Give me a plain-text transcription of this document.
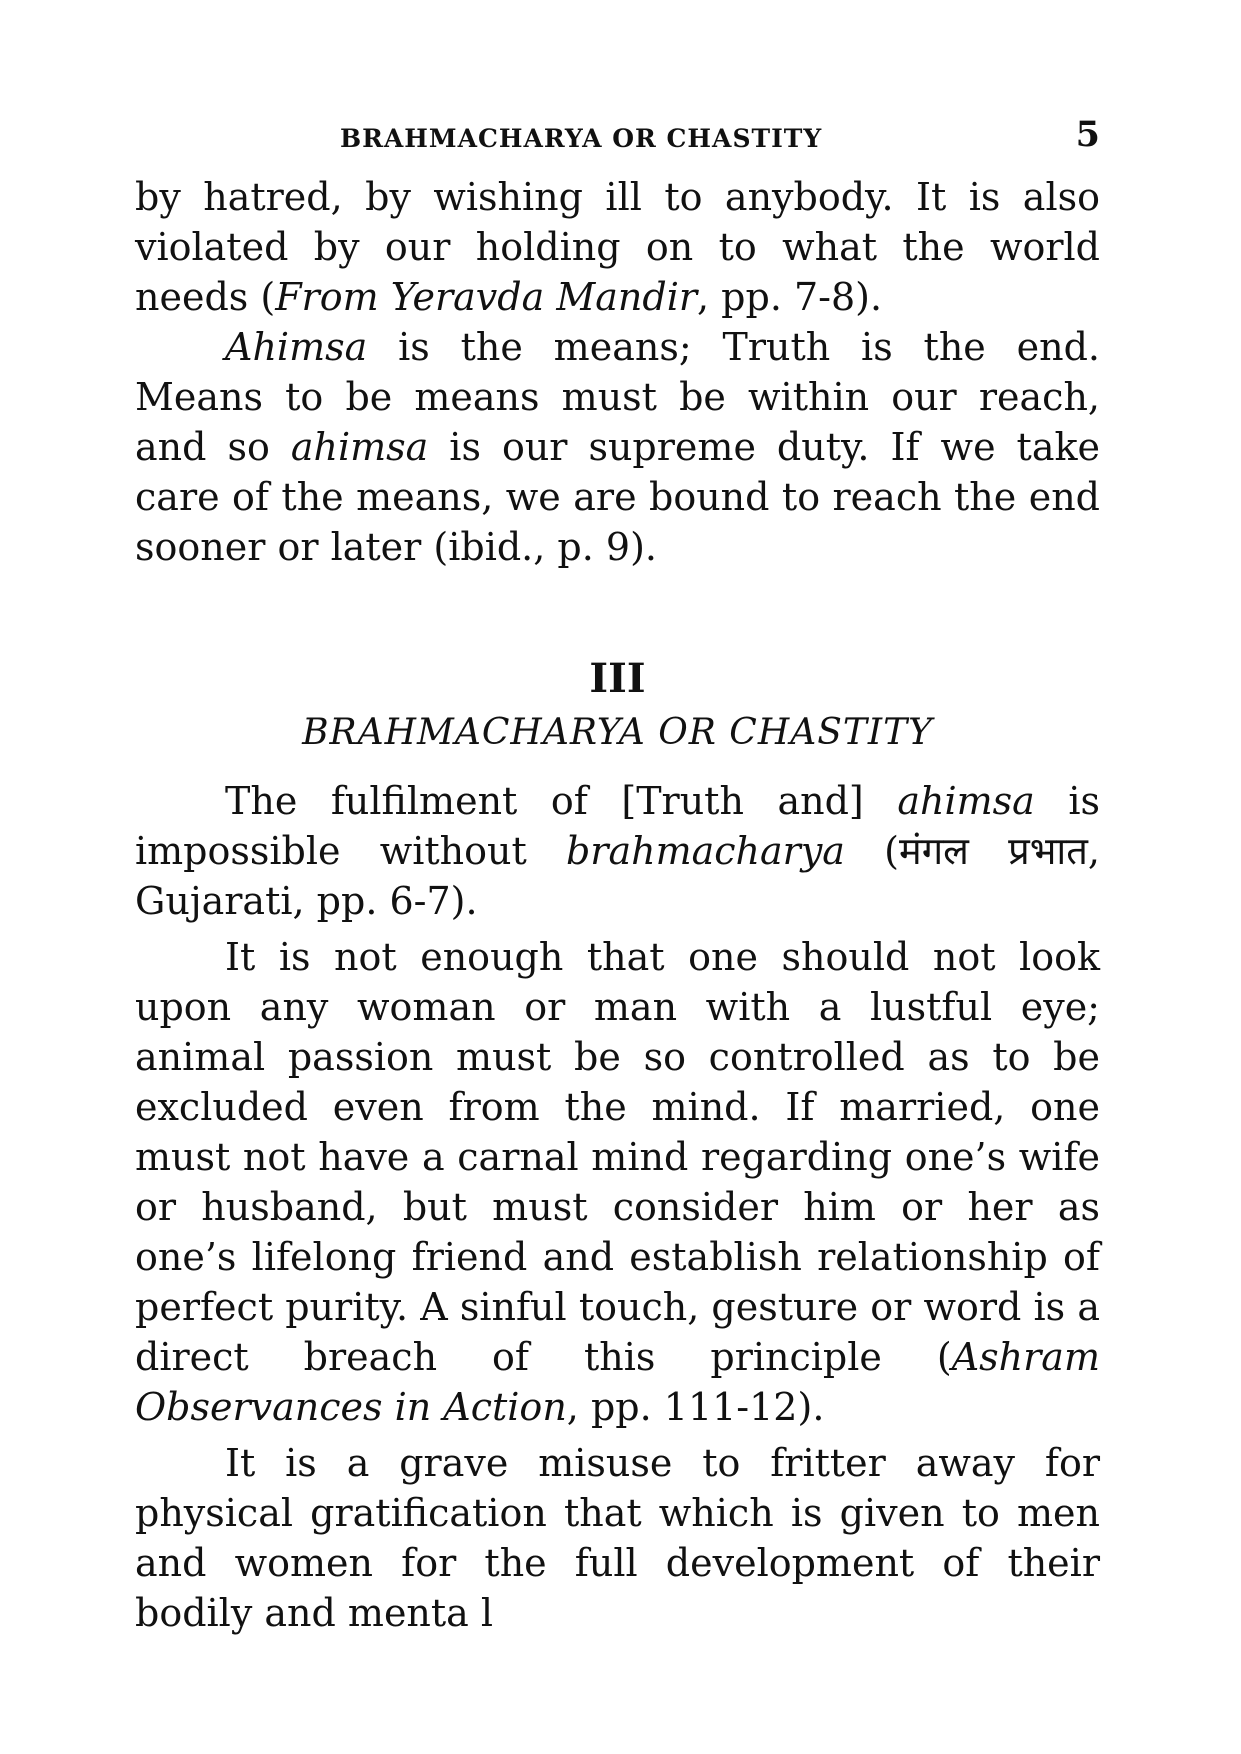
BRAHMACHARYA OR CHASTITY	5

by hatred, by wishing ill to anybody. It is also violated by our holding on to what the world needs (From Yeravda Mandir, pp. 7-8).

Ahimsa is the means; Truth is the end. Means to be means must be within our reach, and so ahimsa is our supreme duty. If we take care of the means, we are bound to reach the end sooner or later (ibid., p. 9).

III
BRAHMACHARYA OR CHASTITY

The fulfilment of [Truth and] ahimsa is impossible without brahmacharya (मंगल प्रभात, Gujarati, pp. 6-7).

It is not enough that one should not look upon any woman or man with a lustful eye; animal passion must be so controlled as to be excluded even from the mind. If married, one must not have a carnal mind regarding one’s wife or husband, but must consider him or her as one’s lifelong friend and establish relationship of perfect purity. A sinful touch, gesture or word is a direct breach of this principle (Ashram Observances in Action, pp. 111-12).

It is a grave misuse to fritter away for physical gratification that which is given to men and women for the full development of their bodily and menta l
